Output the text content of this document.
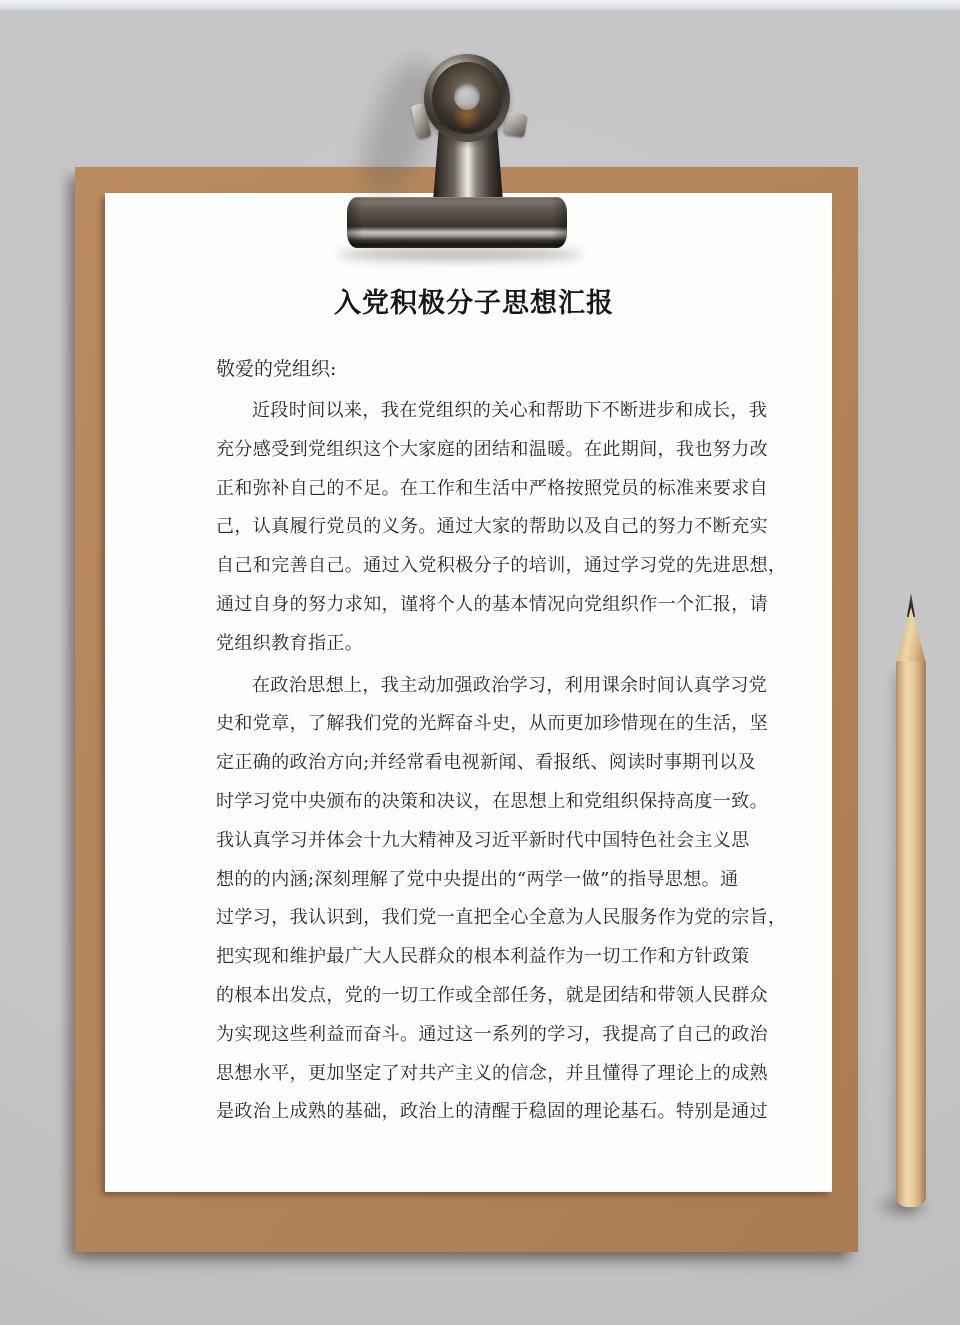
入党积极分子思想汇报
敬爱的党组织:
近段时间以来，我在党组织的关心和帮助下不断进步和成长，我
充分感受到党组织这个大家庭的团结和温暖。在此期间，我也努力改
正和弥补自己的不足。在工作和生活中严格按照党员的标准来要求自
己，认真履行党员的义务。通过大家的帮助以及自己的努力不断充实
自己和完善自己。通过入党积极分子的培训，通过学习党的先进思想，
通过自身的努力求知，谨将个人的基本情况向党组织作一个汇报，请
党组织教育指正。
在政治思想上，我主动加强政治学习，利用课余时间认真学习党
史和党章，了解我们党的光辉奋斗史，从而更加珍惜现在的生活，坚
定正确的政治方向;并经常看电视新闻、看报纸、阅读时事期刊以及
时学习党中央颁布的决策和决议，在思想上和党组织保持高度一致。
我认真学习并体会十九大精神及习近平新时代中国特色社会主义思
想的的内涵;深刻理解了党中央提出的“两学一做”的指导思想。通
过学习，我认识到，我们党一直把全心全意为人民服务作为党的宗旨，
把实现和维护最广大人民群众的根本利益作为一切工作和方针政策
的根本出发点，党的一切工作或全部任务，就是团结和带领人民群众
为实现这些利益而奋斗。通过这一系列的学习，我提高了自己的政治
思想水平，更加坚定了对共产主义的信念，并且懂得了理论上的成熟
是政治上成熟的基础，政治上的清醒于稳固的理论基石。特别是通过
